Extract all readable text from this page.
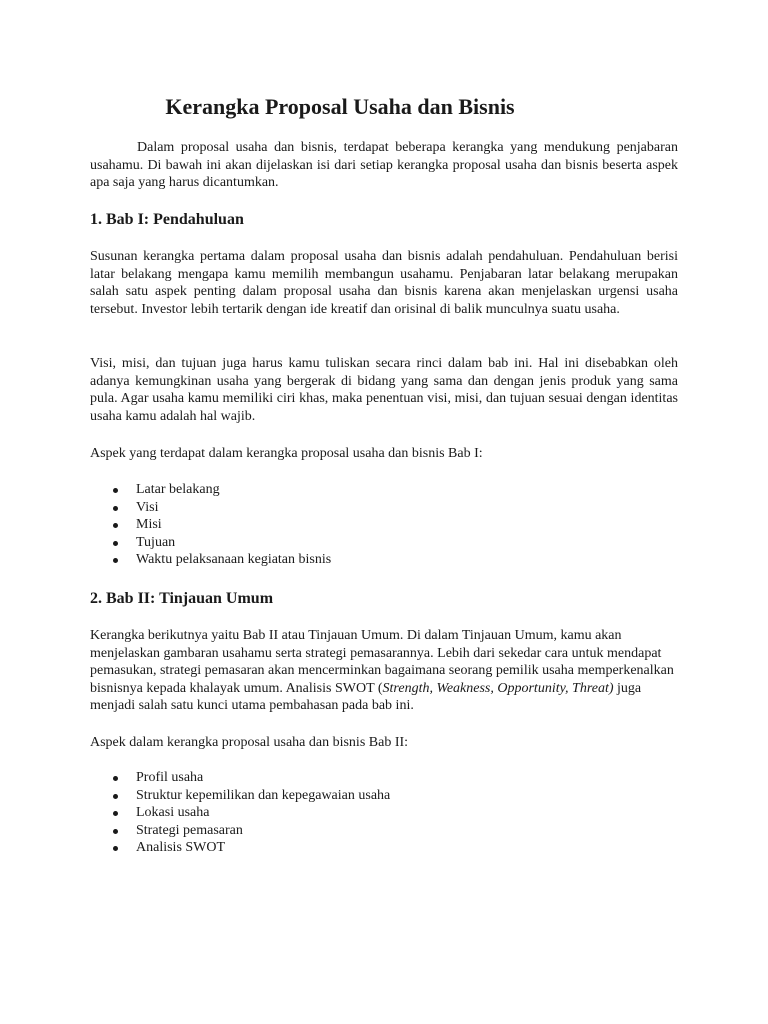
Kerangka Proposal Usaha dan Bisnis

Dalam proposal usaha dan bisnis, terdapat beberapa kerangka yang mendukung penjabaran usahamu. Di bawah ini akan dijelaskan isi dari setiap kerangka proposal usaha dan bisnis beserta aspek apa saja yang harus dicantumkan.

1. Bab I: Pendahuluan

Susunan kerangka pertama dalam proposal usaha dan bisnis adalah pendahuluan. Pendahuluan berisi latar belakang mengapa kamu memilih membangun usahamu. Penjabaran latar belakang merupakan salah satu aspek penting dalam proposal usaha dan bisnis karena akan menjelaskan urgensi usaha tersebut. Investor lebih tertarik dengan ide kreatif dan orisinal di balik munculnya suatu usaha.

Visi, misi, dan tujuan juga harus kamu tuliskan secara rinci dalam bab ini. Hal ini disebabkan oleh adanya kemungkinan usaha yang bergerak di bidang yang sama dan dengan jenis produk yang sama pula. Agar usaha kamu memiliki ciri khas, maka penentuan visi, misi, dan tujuan sesuai dengan identitas usaha kamu adalah hal wajib.

Aspek yang terdapat dalam kerangka proposal usaha dan bisnis Bab I:

Latar belakang
Visi
Misi
Tujuan
Waktu pelaksanaan kegiatan bisnis
2. Bab II: Tinjauan Umum

Kerangka berikutnya yaitu Bab II atau Tinjauan Umum. Di dalam Tinjauan Umum, kamu akan menjelaskan gambaran usahamu serta strategi pemasarannya. Lebih dari sekedar cara untuk mendapat pemasukan, strategi pemasaran akan mencerminkan bagaimana seorang pemilik usaha memperkenalkan bisnisnya kepada khalayak umum. Analisis SWOT (Strength, Weakness, Opportunity, Threat) juga menjadi salah satu kunci utama pembahasan pada bab ini.

Aspek dalam kerangka proposal usaha dan bisnis Bab II:

Profil usaha
Struktur kepemilikan dan kepegawaian usaha
Lokasi usaha
Strategi pemasaran
Analisis SWOT
